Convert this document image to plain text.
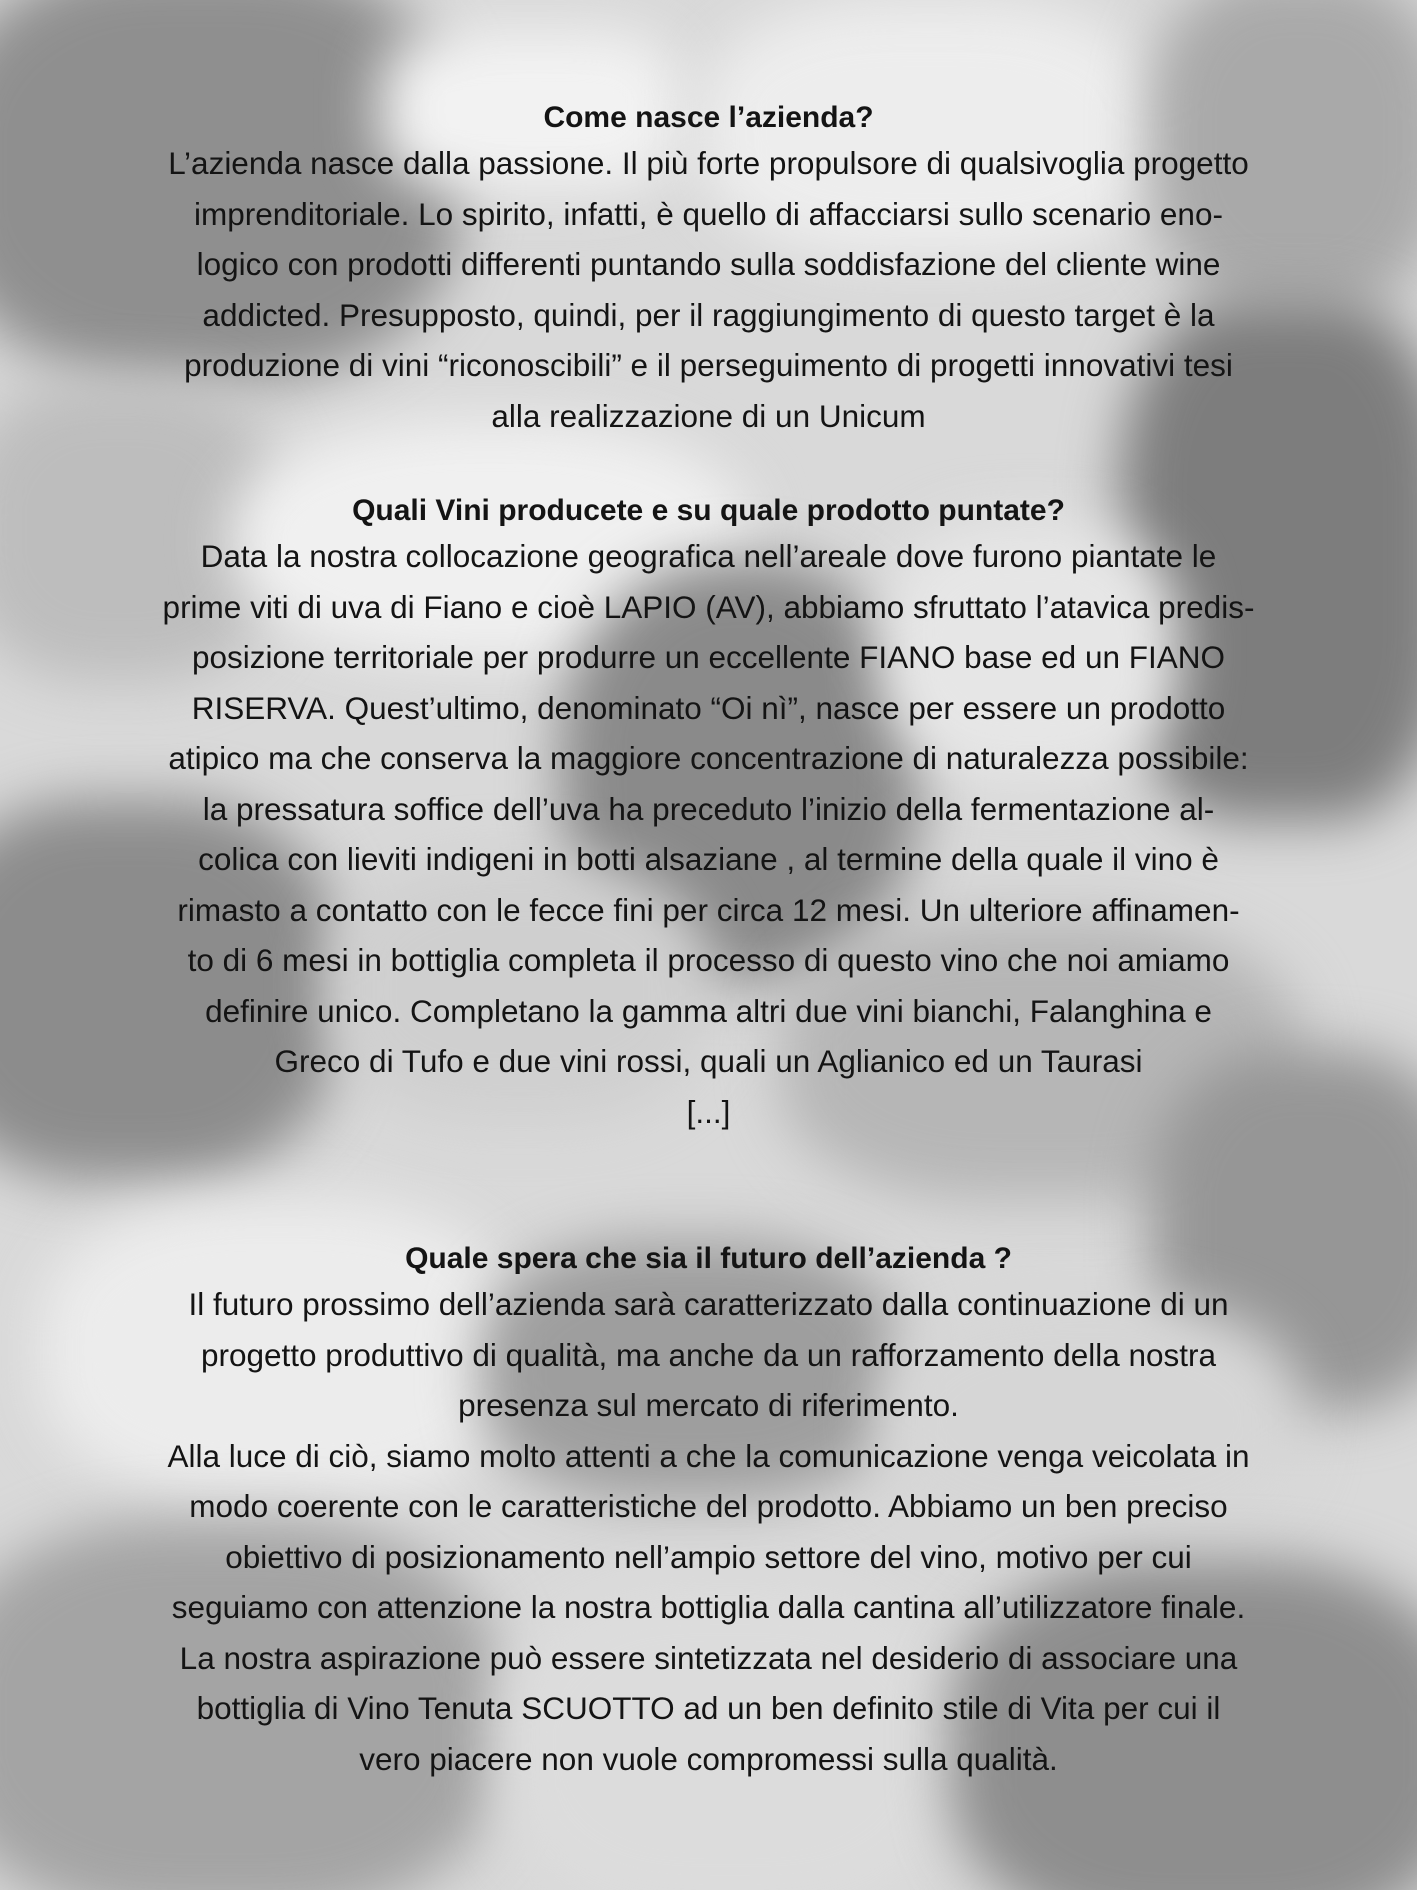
Come nasce l’azienda?

L’azienda nasce dalla passione. Il più forte propulsore di qualsivoglia progetto
imprenditoriale. Lo spirito, infatti, è quello di affacciarsi sullo scenario eno-
logico con prodotti differenti puntando sulla soddisfazione del cliente wine
addicted. Presupposto, quindi, per il raggiungimento di questo target è la
produzione di vini “riconoscibili” e il perseguimento di progetti innovativi tesi
alla realizzazione di un Unicum

Quali Vini producete e su quale prodotto puntate?

Data la nostra collocazione geografica nell’areale dove furono piantate le
prime viti di uva di Fiano e cioè LAPIO (AV), abbiamo sfruttato l’atavica predis-
posizione territoriale per produrre un eccellente FIANO base ed un FIANO
RISERVA. Quest’ultimo, denominato “Oi nì”, nasce per essere un prodotto
atipico ma che conserva la maggiore concentrazione di naturalezza possibile:
la pressatura soffice dell’uva ha preceduto l’inizio della fermentazione al-
colica con lieviti indigeni in botti alsaziane , al termine della quale il vino è
rimasto a contatto con le fecce fini per circa 12 mesi. Un ulteriore affinamen-
to di 6 mesi in bottiglia completa il processo di questo vino che noi amiamo
definire unico. Completano la gamma altri due vini bianchi, Falanghina e
Greco di Tufo e due vini rossi, quali un Aglianico ed un Taurasi
[...]

Quale spera che sia il futuro dell’azienda ?

Il futuro prossimo dell’azienda sarà caratterizzato dalla continuazione di un
progetto produttivo di qualità, ma anche da un rafforzamento della nostra
presenza sul mercato di riferimento.
Alla luce di ciò, siamo molto attenti a che la comunicazione venga veicolata in
modo coerente con le caratteristiche del prodotto. Abbiamo un ben preciso
obiettivo di posizionamento nell’ampio settore del vino, motivo per cui
seguiamo con attenzione la nostra bottiglia dalla cantina all’utilizzatore finale.
La nostra aspirazione può essere sintetizzata nel desiderio di associare una
bottiglia di Vino Tenuta SCUOTTO ad un ben definito stile di Vita per cui il
vero piacere non vuole compromessi sulla qualità.
